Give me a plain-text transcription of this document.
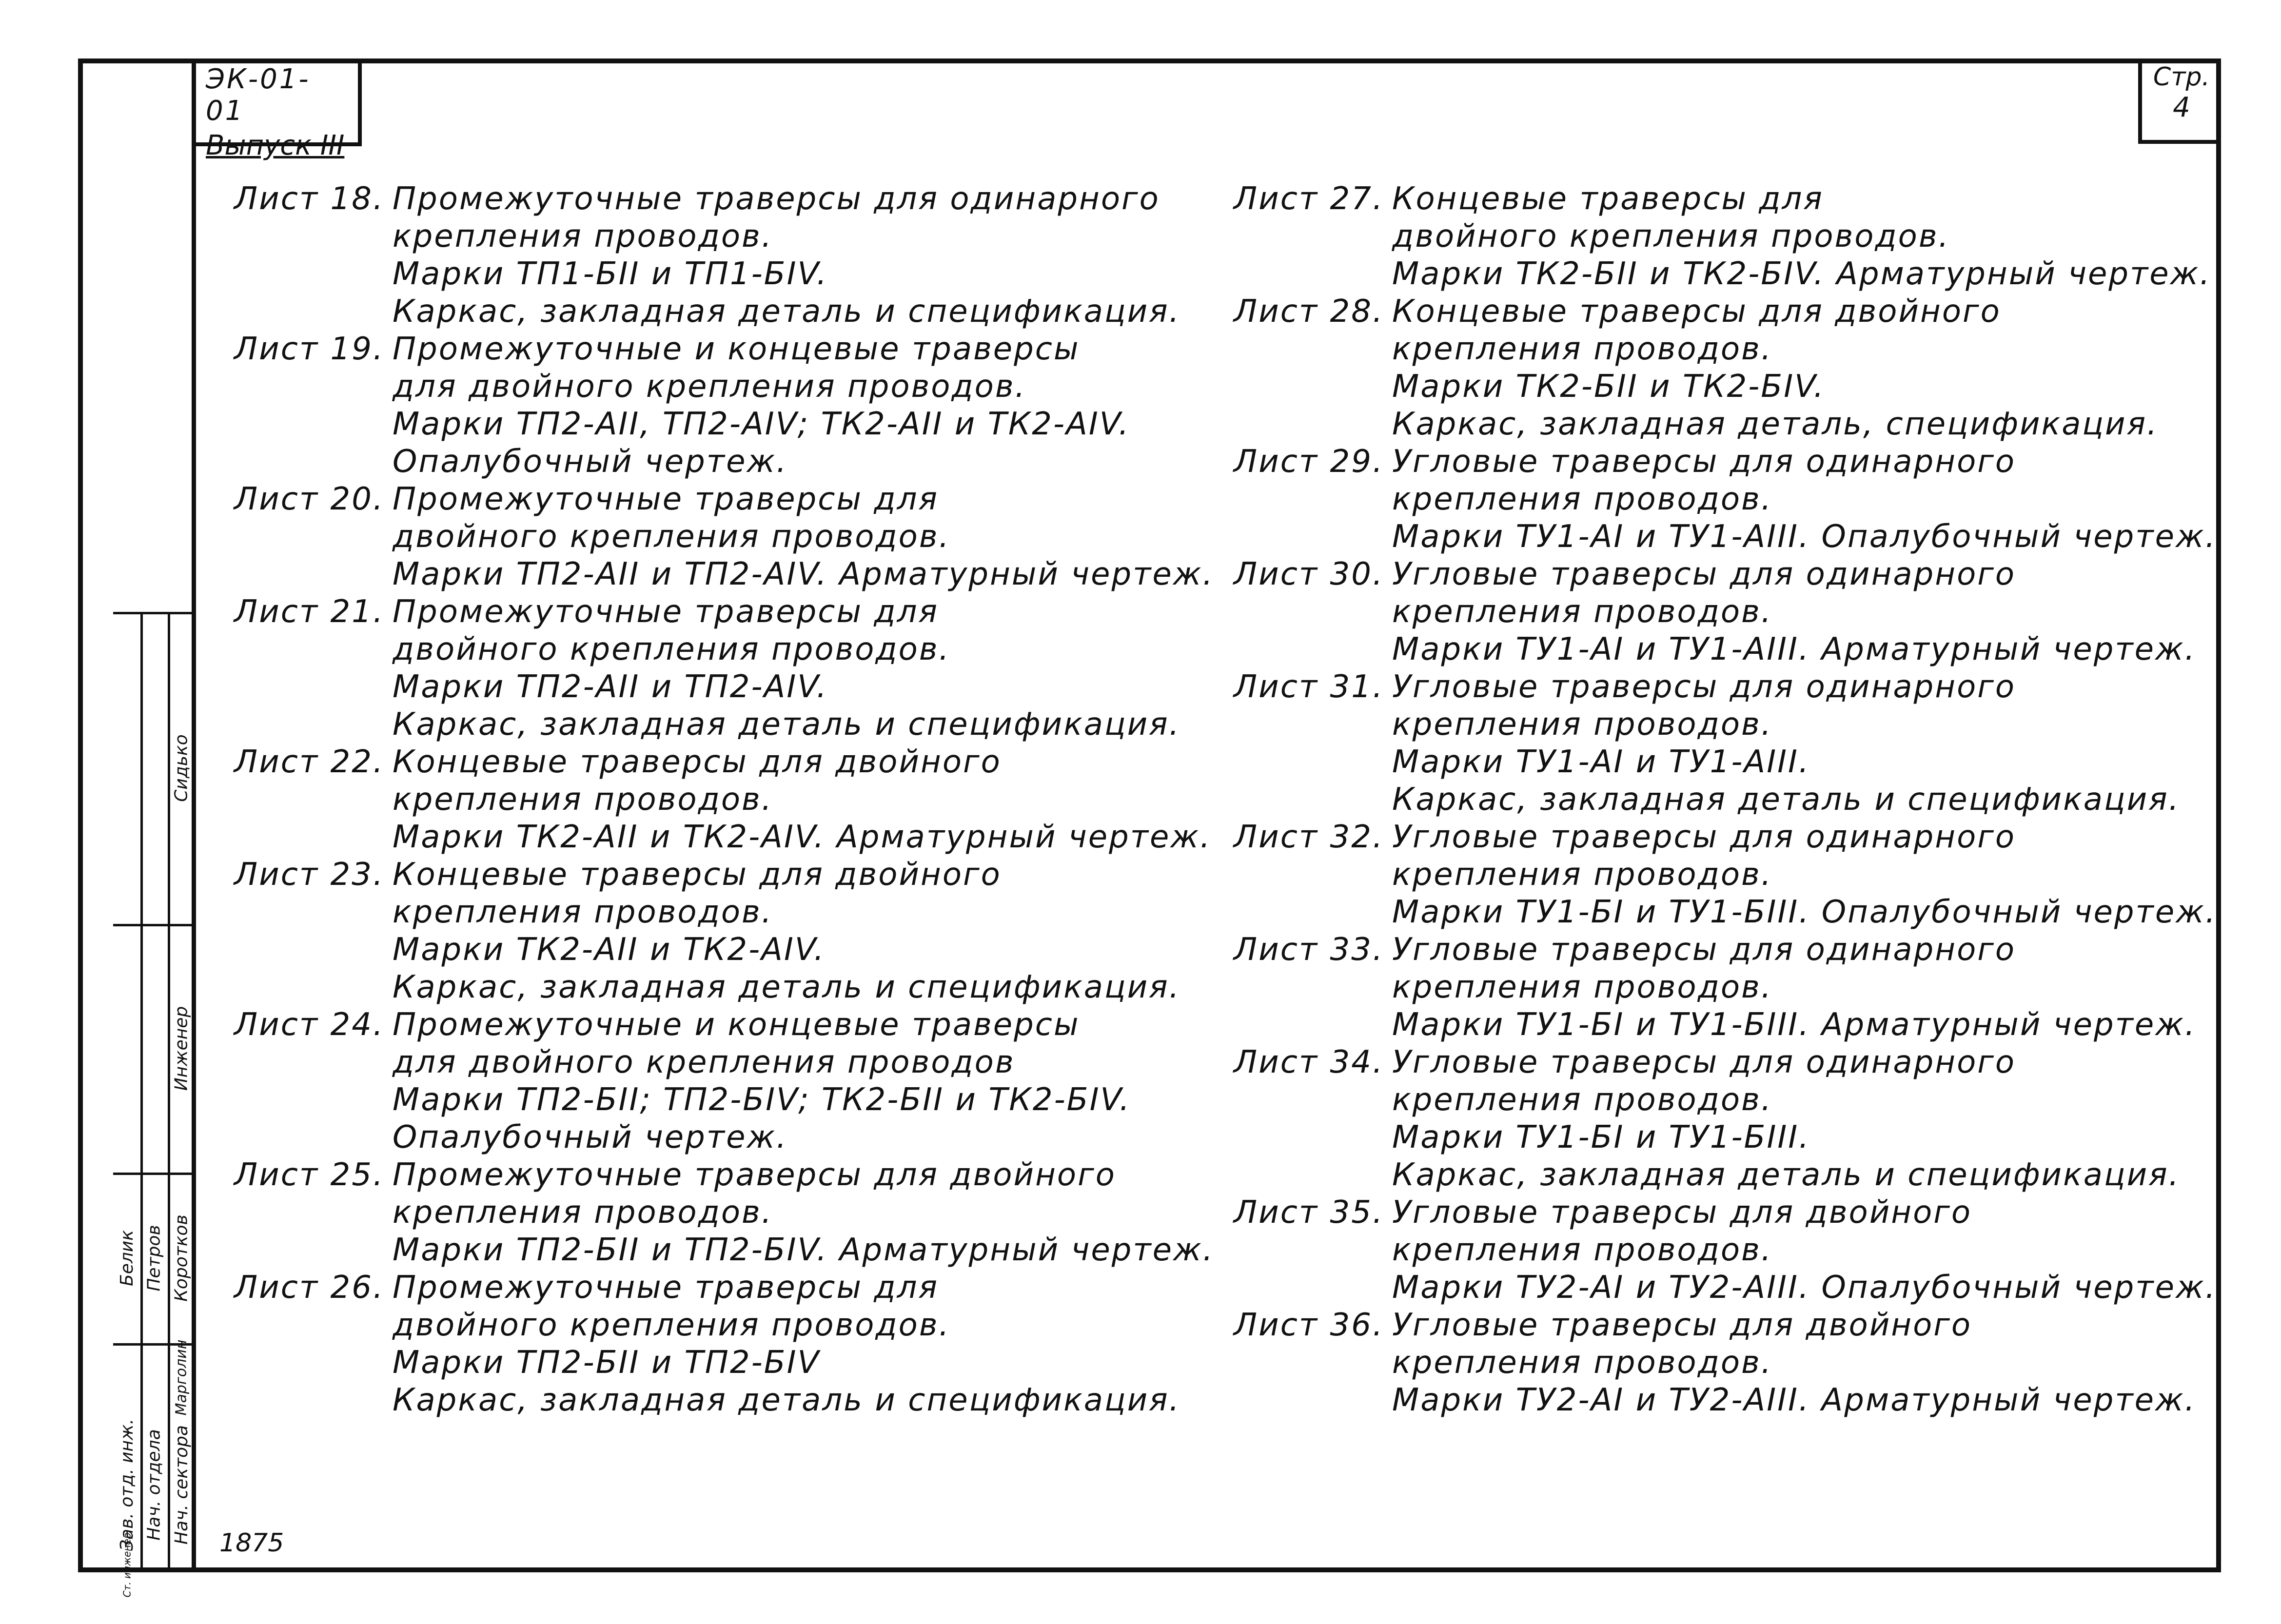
Зав. отд. инж. Нач. отдела Нач. сектора
Белик Петров Коротков
Марголин
Ст. инженер
Инженер
Сидько
ЭК-01-01
Выпуск III
Стр.
4
Лист 18. Промежуточные траверсы для одинарного
крепления проводов.
Марки ТП1-БII и ТП1-БIV.
Каркас, закладная деталь и спецификация.
Лист 19. Промежуточные и концевые траверсы
для двойного крепления проводов.
Марки ТП2-АII, ТП2-АIV; ТК2-АII и ТК2-АIV.
Опалубочный чертеж.
Лист 20. Промежуточные траверсы для
двойного крепления проводов.
Марки ТП2-АII и ТП2-АIV. Арматурный чертеж.
Лист 21. Промежуточные траверсы для
двойного крепления проводов.
Марки ТП2-АII и ТП2-АIV.
Каркас, закладная деталь и спецификация.
Лист 22. Концевые траверсы для двойного
крепления проводов.
Марки ТК2-АII и ТК2-АIV. Арматурный чертеж.
Лист 23. Концевые траверсы для двойного
крепления проводов.
Марки ТК2-АII и ТК2-АIV.
Каркас, закладная деталь и спецификация.
Лист 24. Промежуточные и концевые траверсы
для двойного крепления проводов
Марки ТП2-БII; ТП2-БIV; ТК2-БII и ТК2-БIV.
Опалубочный чертеж.
Лист 25. Промежуточные траверсы для двойного
крепления проводов.
Марки ТП2-БII и ТП2-БIV. Арматурный чертеж.
Лист 26. Промежуточные траверсы для
двойного крепления проводов.
Марки ТП2-БII и ТП2-БIV
Каркас, закладная деталь и спецификация.
Лист 27. Концевые траверсы для
двойного крепления проводов.
Марки ТК2-БII и ТК2-БIV. Арматурный чертеж.
Лист 28. Концевые траверсы для двойного
крепления проводов.
Марки ТК2-БII и ТК2-БIV.
Каркас, закладная деталь, спецификация.
Лист 29. Угловые траверсы для одинарного
крепления проводов.
Марки ТУ1-АI и ТУ1-АIII. Опалубочный чертеж.
Лист 30. Угловые траверсы для одинарного
крепления проводов.
Марки ТУ1-АI и ТУ1-АIII. Арматурный чертеж.
Лист 31. Угловые траверсы для одинарного
крепления проводов.
Марки ТУ1-АI и ТУ1-АIII.
Каркас, закладная деталь и спецификация.
Лист 32. Угловые траверсы для одинарного
крепления проводов.
Марки ТУ1-БI и ТУ1-БIII. Опалубочный чертеж.
Лист 33. Угловые траверсы для одинарного
крепления проводов.
Марки ТУ1-БI и ТУ1-БIII. Арматурный чертеж.
Лист 34. Угловые траверсы для одинарного
крепления проводов.
Марки ТУ1-БI и ТУ1-БIII.
Каркас, закладная деталь и спецификация.
Лист 35. Угловые траверсы для двойного
крепления проводов.
Марки ТУ2-АI и ТУ2-АIII. Опалубочный чертеж.
Лист 36. Угловые траверсы для двойного
крепления проводов.
Марки ТУ2-АI и ТУ2-АIII. Арматурный чертеж.
1875
